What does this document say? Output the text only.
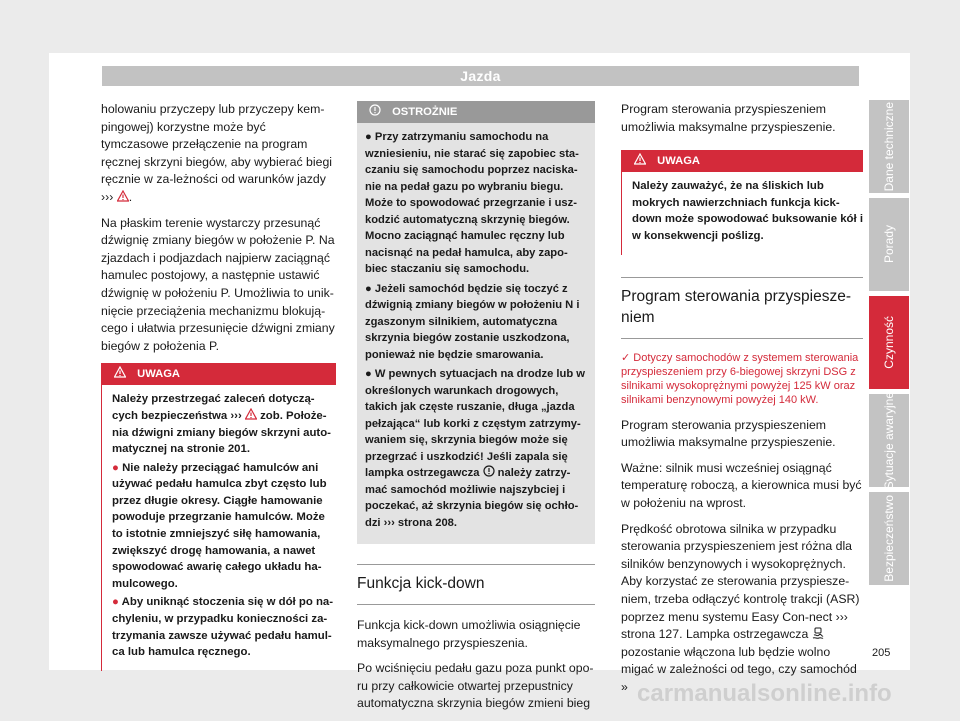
Jazda

holowaniu przyczepy lub przyczepy kem-pingowej) korzystne może być tymczasowe przełączenie na program ręcznej skrzyni biegów, aby wybierać biegi ręcznie w za-leżności od warunków jazdy ››› .

Na płaskim terenie wystarczy przesunąć dźwignię zmiany biegów w położenie P. Na zjazdach i podjazdach najpierw zaciągnąć hamulec postojowy, a następnie ustawić dźwignię w położeniu P. Umożliwia to unik-nięcie przeciążenia mechanizmu blokują-cego i ułatwia przesunięcie dźwigni zmiany biegów z położenia P.

UWAGA

Należy przestrzegać zaleceń dotyczą-cych bezpieczeństwa ››› zob. Położe-nia dźwigni zmiany biegów skrzyni auto-matycznej na stronie 201.

● Nie należy przeciągać hamulców ani używać pedału hamulca zbyt często lub przez długie okresy. Ciągłe hamowanie powoduje przegrzanie hamulców. Może to istotnie zmniejszyć siłę hamowania, zwiększyć drogę hamowania, a nawet spowodować awarię całego układu ha-mulcowego.

● Aby uniknąć stoczenia się w dół po na-chyleniu, w przypadku konieczności za-trzymania zawsze używać pedału hamul-ca lub hamulca ręcznego.

OSTROŻNIE

● Przy zatrzymaniu samochodu na wzniesieniu, nie starać się zapobiec sta-czaniu się samochodu poprzez naciska-nie na pedał gazu po wybraniu biegu. Może to spowodować przegrzanie i usz-kodzić automatyczną skrzynię biegów. Mocno zaciągnąć hamulec ręczny lub nacisnąć na pedał hamulca, aby zapo-biec staczaniu się samochodu.

● Jeżeli samochód będzie się toczyć z dźwignią zmiany biegów w położeniu N i zgaszonym silnikiem, automatyczna skrzynia biegów zostanie uszkodzona, ponieważ nie będzie smarowania.

● W pewnych sytuacjach na drodze lub w określonych warunkach drogowych, takich jak częste ruszanie, długa „jazda pełzająca“ lub korki z częstym zatrzymy-waniem się, skrzynia biegów może się przegrzać i uszkodzić! Jeśli zapala się lampka ostrzegawcza należy zatrzy-mać samochód możliwie najszybciej i poczekać, aż skrzynia biegów się ochło-dzi ››› strona 208.

Funkcja kick-down

Funkcja kick-down umożliwia osiągnięcie maksymalnego przyspieszenia.

Po wciśnięciu pedału gazu poza punkt opo-ru przy całkowicie otwartej przepustnicy automatyczna skrzynia biegów zmieni bieg

Program sterowania przyspieszeniem umożliwia maksymalne przyspieszenie.

UWAGA

Należy zauważyć, że na śliskich lub mokrych nawierzchniach funkcja kick-down może spowodować buksowanie kół i w konsekwencji poślizg.

Program sterowania przyspiesze-niem
✓ Dotyczy samochodów z systemem sterowania przyspieszeniem przy 6-biegowej skrzyni DSG z silnikami wysokoprężnymi powyżej 125 kW oraz silnikami benzynowymi powyżej 140 kW.

Program sterowania przyspieszeniem umożliwia maksymalne przyspieszenie.

Ważne: silnik musi wcześniej osiągnąć temperaturę roboczą, a kierownica musi być w położeniu na wprost.

Prędkość obrotowa silnika w przypadku sterowania przyspieszeniem jest różna dla silników benzynowych i wysokoprężnych. Aby korzystać ze sterowania przyspiesze-niem, trzeba odłączyć kontrolę trakcji (ASR) poprzez menu systemu Easy Con-nect ››› strona 127. Lampka ostrzegawcza  pozostanie włączona lub będzie wolno migać w zależności od tego, czy samochód »

Dane techniczne
Porady
Czynność
Sytuacje awaryjne
Bezpieczeństwo
205
carmanualsonline.info
